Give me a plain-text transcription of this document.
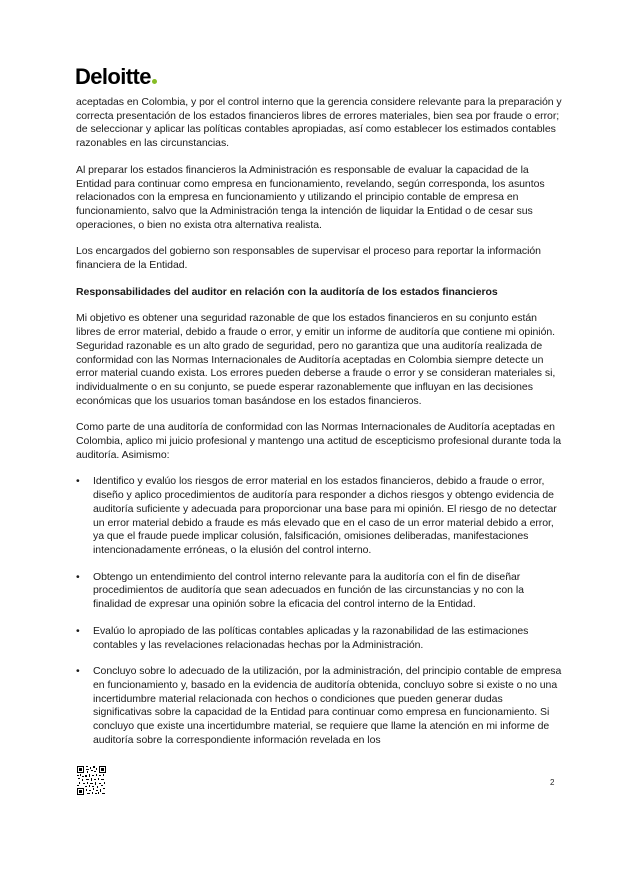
Deloitte

aceptadas en Colombia, y por el control interno que la gerencia considere relevante para la preparación y correcta presentación de los estados financieros libres de errores materiales, bien sea por fraude o error; de seleccionar y aplicar las políticas contables apropiadas, así como establecer los estimados contables razonables en las circunstancias.

Al preparar los estados financieros la Administración es responsable de evaluar la capacidad de la Entidad para continuar como empresa en funcionamiento, revelando, según corresponda, los asuntos relacionados con la empresa en funcionamiento y utilizando el principio contable de empresa en funcionamiento, salvo que la Administración tenga la intención de liquidar la Entidad o de cesar sus operaciones, o bien no exista otra alternativa realista.

Los encargados del gobierno son responsables de supervisar el proceso para reportar la información financiera de la Entidad.

Responsabilidades del auditor en relación con la auditoría de los estados financieros

Mi objetivo es obtener una seguridad razonable de que los estados financieros en su conjunto están libres de error material, debido a fraude o error, y emitir un informe de auditoría que contiene mi opinión. Seguridad razonable es un alto grado de seguridad, pero no garantiza que una auditoría realizada de conformidad con las Normas Internacionales de Auditoría aceptadas en Colombia siempre detecte un error material cuando exista. Los errores pueden deberse a fraude o error y se consideran materiales si, individualmente o en su conjunto, se puede esperar razonablemente que influyan en las decisiones económicas que los usuarios toman basándose en los estados financieros.

Como parte de una auditoría de conformidad con las Normas Internacionales de Auditoría aceptadas en Colombia, aplico mi juicio profesional y mantengo una actitud de escepticismo profesional durante toda la auditoría. Asimismo:

• Identifico y evalúo los riesgos de error material en los estados financieros, debido a fraude o error, diseño y aplico procedimientos de auditoría para responder a dichos riesgos y obtengo evidencia de auditoría suficiente y adecuada para proporcionar una base para mi opinión. El riesgo de no detectar un error material debido a fraude es más elevado que en el caso de un error material debido a error, ya que el fraude puede implicar colusión, falsificación, omisiones deliberadas, manifestaciones intencionadamente erróneas, o la elusión del control interno.
• Obtengo un entendimiento del control interno relevante para la auditoría con el fin de diseñar procedimientos de auditoría que sean adecuados en función de las circunstancias y no con la finalidad de expresar una opinión sobre la eficacia del control interno de la Entidad.
• Evalúo lo apropiado de las políticas contables aplicadas y la razonabilidad de las estimaciones contables y las revelaciones relacionadas hechas por la Administración.
• Concluyo sobre lo adecuado de la utilización, por la administración, del principio contable de empresa en funcionamiento y, basado en la evidencia de auditoría obtenida, concluyo sobre si existe o no una incertidumbre material relacionada con hechos o condiciones que pueden generar dudas significativas sobre la capacidad de la Entidad para continuar como empresa en funcionamiento. Si concluyo que existe una incertidumbre material, se requiere que llame la atención en mi informe de auditoría sobre la correspondiente información revelada en los
2
